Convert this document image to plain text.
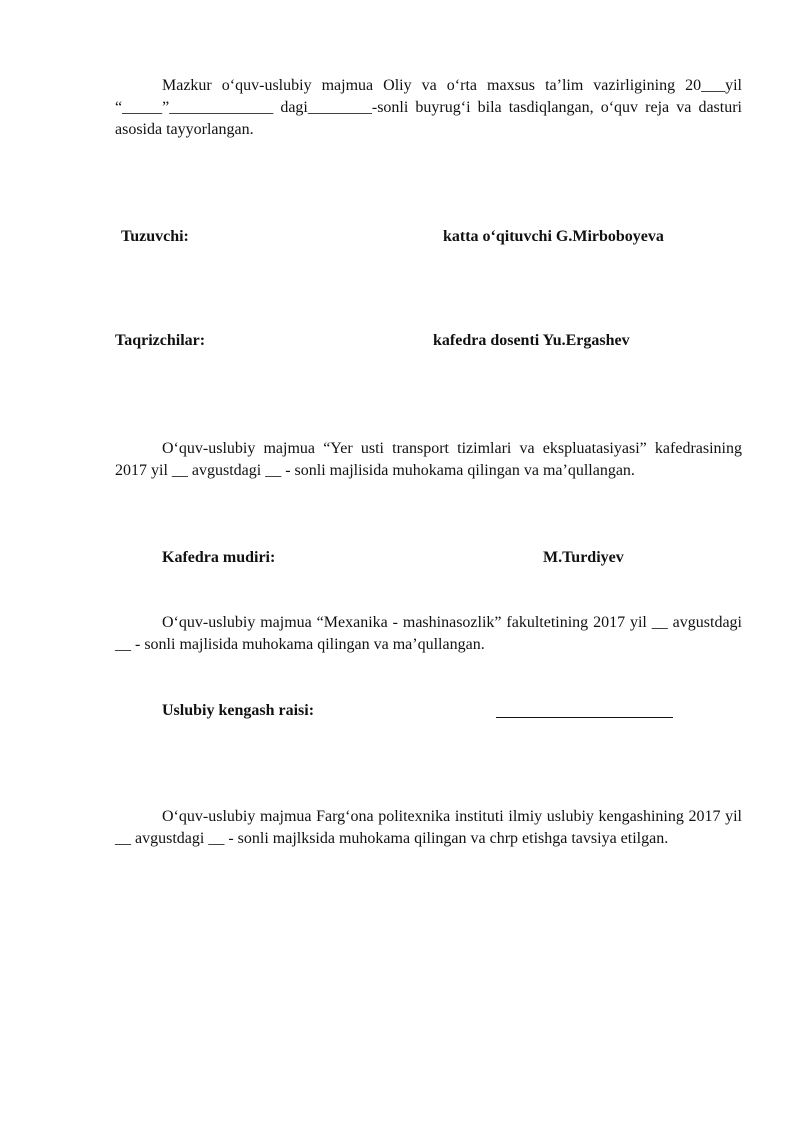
Mazkur o‘quv-uslubiy majmua Oliy va o‘rta maxsus ta’lim vazirligining 20___yil “_____”_____________ dagi________-sonli buyrug‘i bila tasdiqlangan, o‘quv reja va dasturi asosida tayyorlangan.

Tuzuvchi:	katta o‘qituvchi G.Mirboboyeva

Taqrizchilar:	kafedra dosenti Yu.Ergashev

O‘quv-uslubiy majmua “Yer usti transport tizimlari va ekspluatasiyasi” kafedrasining 2017 yil __ avgustdagi __ - sonli majlisida muhokama qilingan va ma’qullangan.

Kafedra mudiri:	M.Turdiyev

O‘quv-uslubiy majmua “Mexanika - mashinasozlik” fakultetining 2017 yil __ avgustdagi __ - sonli majlisida muhokama qilingan va ma’qullangan.

Uslubiy kengash raisi:

O‘quv-uslubiy majmua Farg‘ona politexnika instituti ilmiy uslubiy kengashining 2017 yil __ avgustdagi __ - sonli majlksida muhokama qilingan va chrp etishga tavsiya etilgan.
